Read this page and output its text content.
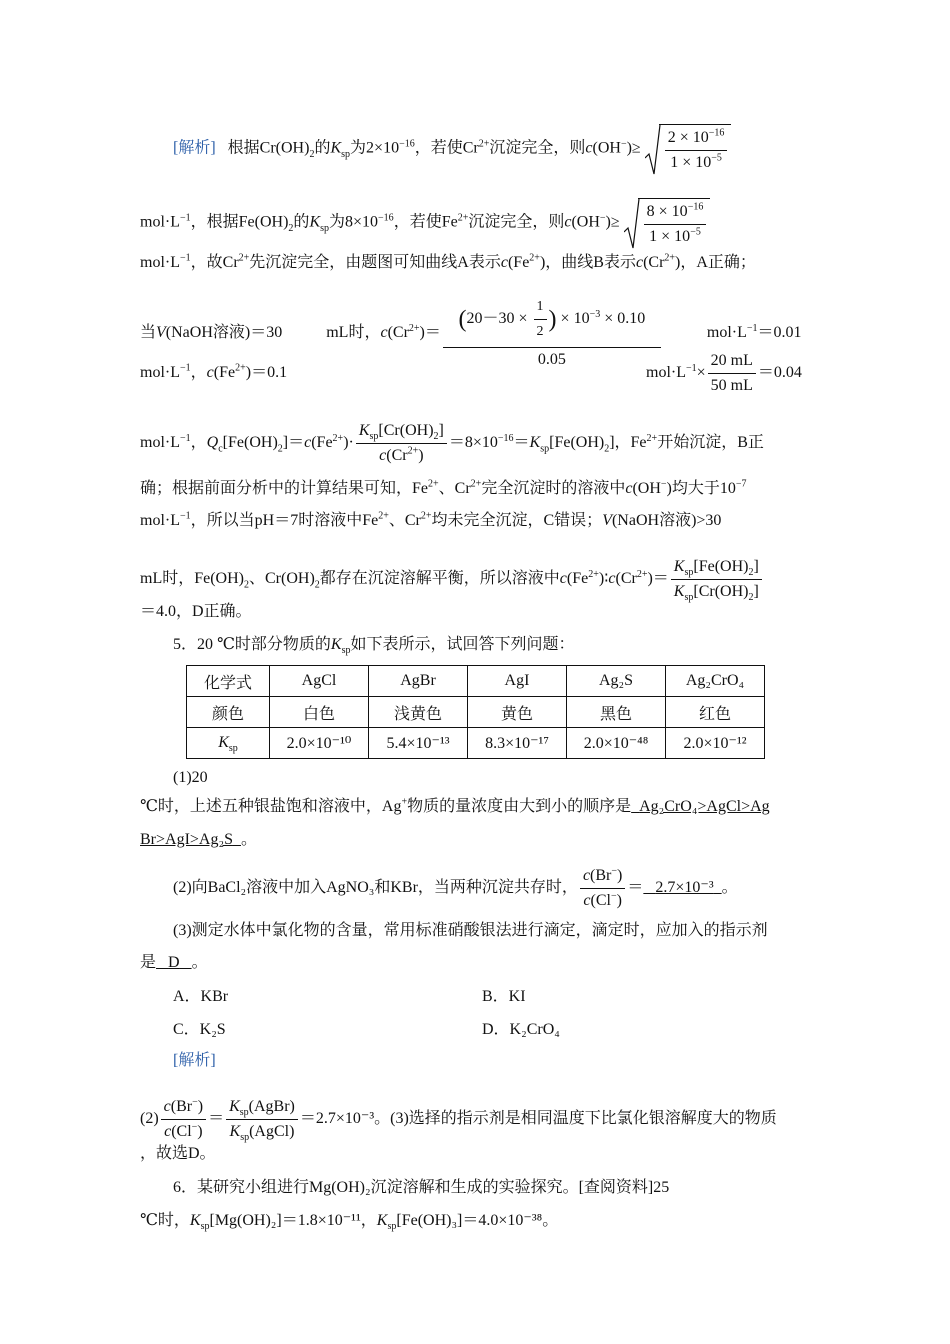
[解析] 根据$Cr(OH)_2$的$K_{sp}$为$2\times 10^{-16}$，若使$Cr^{2+}$沉淀完全，则$c(OH^-)\ge \frac{2 \times 10^{-16}}{1 \times 10^{-5}}$
$mol\cdot L^{-1}$，根据$Fe(OH)_2$的$K_{sp}$为$8\times 10^{-16}$，若使$Fe^{2+}$沉淀完全，则$c(OH^-)\ge \frac{8 \times 10^{-16}}{1 \times 10^{-5}}$
$mol\cdot L^{-1}$，故$Cr^{2+}$先沉淀完全，由题图可知曲线A表示$c(Fe^{2+})$，曲线B表示$c(Cr^{2+})$，A正确；
当V(NaOH溶液)＝30	mL时，$c(Cr^{2+})= \frac{(20-30 \times \frac{1}{2} ) \times 10^{-3} \times 0.10}{0.05}$	$mol\cdot L^{-1}=0.01$
$mol\cdot L^{-1}$，$c(Fe^{2+})=0.1$	$mol\cdot L^{-1}\times \frac{20 mL}{50 mL} =0.04$
$mol\cdot L^{-1}$，$Q_c[Fe(OH)_2]=c(Fe^{2+})\cdot \frac{K_{sp}[Cr(OH)_2]}{c(Cr^{2+})} =8\times 10^{-16}=K_{sp}[Fe(OH)_2]$，$Fe^{2+}$开始沉淀，B正
确；根据前面分析中的计算结果可知，$Fe^{2+}$、$Cr^{2+}$完全沉淀时的溶液中c(OH−)均大于$10^{-7}$
$mol\cdot L^{-1}$，所以当pH＝7时溶液中$Fe^{2+}$、$Cr^{2+}$均未完全沉淀，C错误；V(NaOH溶液)>30
mL时，$Fe(OH)_2$、$Cr(OH)_2$都存在沉淀溶解平衡，所以溶液中$c(Fe^{2+})∶c(Cr^{2+})= \frac{K_{sp}[Fe(OH)_2]}{K_{sp}[Cr(OH)_2]}$
＝4.0，D正确。
5．20 ℃时部分物质的$K_{sp}$如下表所示，试回答下列问题：
化学式	AgCl	AgBr	AgI	Ag₂S	Ag₂CrO₄
颜色	白色	浅黄色	黄色	黑色	红色
$K_{sp}$	2.0×10⁻¹⁰	5.4×10⁻¹³	8.3×10⁻¹⁷	2.0×10⁻⁴⁸	2.0×10⁻¹²
(1)20
℃时，上述五种银盐饱和溶液中，Ag+物质的量浓度由大到小的顺序是 Ag₂CrO₄>AgCl>Ag
Br>AgI>Ag₂S 。
(2)向BaCl₂溶液中加入AgNO₃和KBr，当两种沉淀共存时， $\frac{c(Br^-)}{c(Cl^-)} = 2.7\times 10^{-3}$ 。
(3)测定水体中氯化物的含量，常用标准硝酸银法进行滴定，滴定时，应加入的指示剂
是 D 。
A．KBr	B．KI
C．K₂S	D．K₂CrO₄
[解析]
$(2) \frac{c(Br^-)}{c(Cl^-)} = \frac{K_{sp}(AgBr)}{K_{sp}(AgCl)} =2.7\times 10^{-3}$。(3)选择的指示剂是相同温度下比氯化银溶解度大的物质
，故选D。
6．某研究小组进行Mg(OH)₂沉淀溶解和生成的实验探究。[查阅资料]25
℃时，$K_{sp}[Mg(OH)_2]=1.8\times 10^{-11}$，$K_{sp}[Fe(OH)_3]=4.0\times 10^{-38}$。
